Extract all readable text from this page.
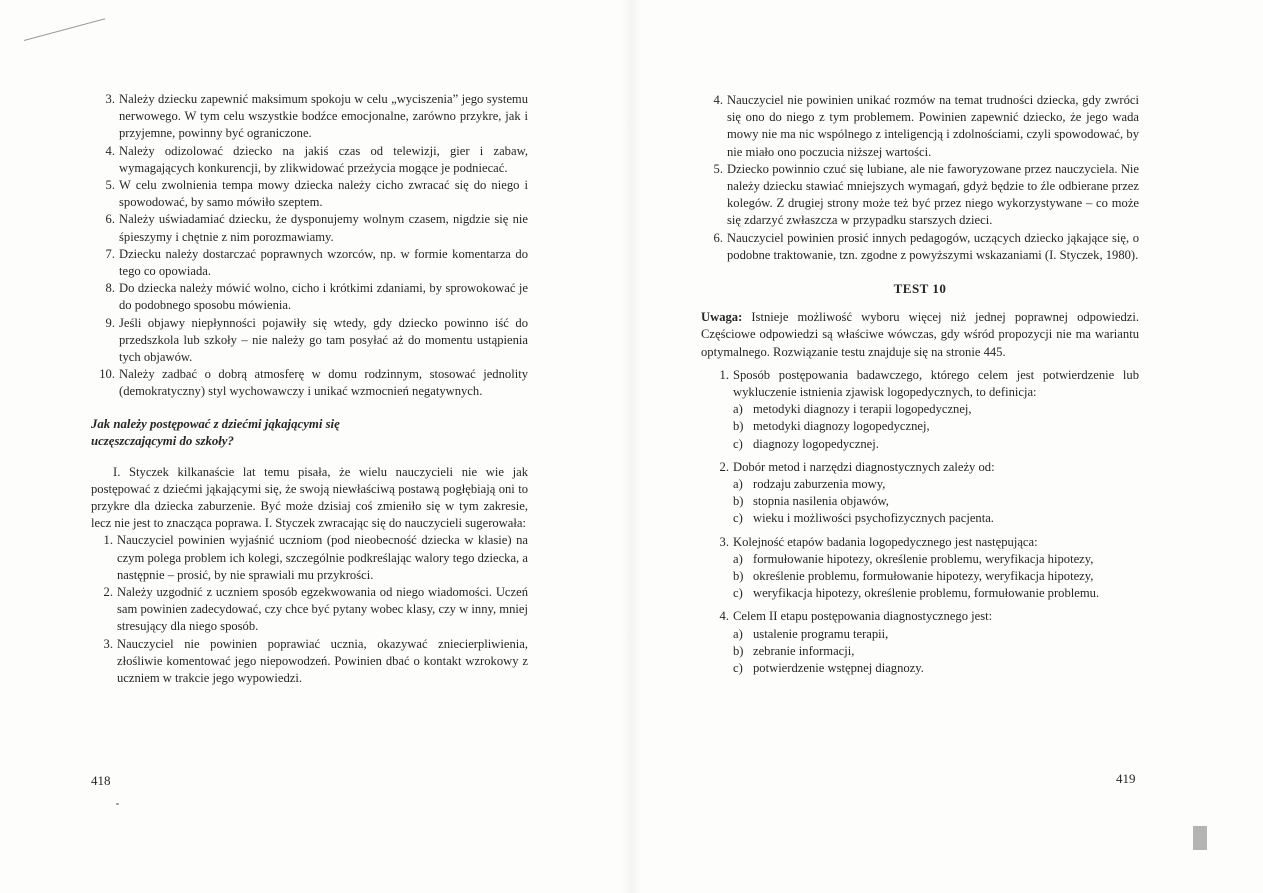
3. Należy dziecku zapewnić maksimum spokoju w celu „wyciszenia” jego systemu nerwowego. W tym celu wszystkie bodźce emocjonalne, zarówno przykre, jak i przyjemne, powinny być ograniczone.
4. Należy odizolować dziecko na jakiś czas od telewizji, gier i zabaw, wymagających konkurencji, by zlikwidować przeżycia mogące je podniecać.
5. W celu zwolnienia tempa mowy dziecka należy cicho zwracać się do niego i spowodować, by samo mówiło szeptem.
6. Należy uświadamiać dziecku, że dysponujemy wolnym czasem, nigdzie się nie śpieszymy i chętnie z nim porozmawiamy.
7. Dziecku należy dostarczać poprawnych wzorców, np. w formie komentarza do tego co opowiada.
8. Do dziecka należy mówić wolno, cicho i krótkimi zdaniami, by sprowokować je do podobnego sposobu mówienia.
9. Jeśli objawy niepłynności pojawiły się wtedy, gdy dziecko powinno iść do przedszkola lub szkoły – nie należy go tam posyłać aż do momentu ustąpienia tych objawów.
10. Należy zadbać o dobrą atmosferę w domu rodzinnym, stosować jednolity (demokratyczny) styl wychowawczy i unikać wzmocnień negatywnych.
Jak należy postępować z dziećmi jąkającymi się
uczęszczającymi do szkoły?

I. Styczek kilkanaście lat temu pisała, że wielu nauczycieli nie wie jak postępować z dziećmi jąkającymi się, że swoją niewłaściwą postawą pogłębiają oni to przykre dla dziecka zaburzenie. Być może dzisiaj coś zmieniło się w tym zakresie, lecz nie jest to znacząca poprawa. I. Styczek zwracając się do nauczycieli sugerowała:

1. Nauczyciel powinien wyjaśnić uczniom (pod nieobecność dziecka w klasie) na czym polega problem ich kolegi, szczególnie podkreślając walory tego dziecka, a następnie – prosić, by nie sprawiali mu przykrości.
2. Należy uzgodnić z uczniem sposób egzekwowania od niego wiadomości. Uczeń sam powinien zadecydować, czy chce być pytany wobec klasy, czy w inny, mniej stresujący dla niego sposób.
3. Nauczyciel nie powinien poprawiać ucznia, okazywać zniecierpliwienia, złośliwie komentować jego niepowodzeń. Powinien dbać o kontakt wzrokowy z uczniem w trakcie jego wypowiedzi.
418
4. Nauczyciel nie powinien unikać rozmów na temat trudności dziecka, gdy zwróci się ono do niego z tym problemem. Powinien zapewnić dziecko, że jego wada mowy nie ma nic wspólnego z inteligencją i zdolnościami, czyli spowodować, by nie miało ono poczucia niższej wartości.
5. Dziecko powinnio czuć się lubiane, ale nie faworyzowane przez nauczyciela. Nie należy dziecku stawiać mniejszych wymagań, gdyż będzie to źle odbierane przez kolegów. Z drugiej strony może też być przez niego wykorzystywane – co może się zdarzyć zwłaszcza w przypadku starszych dzieci.
6. Nauczyciel powinien prosić innych pedagogów, uczących dziecko jąkające się, o podobne traktowanie, tzn. zgodne z powyższymi wskazaniami (I. Styczek, 1980).
TEST 10

Uwaga: Istnieje możliwość wyboru więcej niż jednej poprawnej odpowiedzi. Częściowe odpowiedzi są właściwe wówczas, gdy wśród propozycji nie ma wariantu optymalnego. Rozwiązanie testu znajduje się na stronie 445.

1. Sposób postępowania badawczego, którego celem jest potwierdzenie lub wykluczenie istnienia zjawisk logopedycznych, to definicja:
a) metodyki diagnozy i terapii logopedycznej,
b) metodyki diagnozy logopedycznej,
c) diagnozy logopedycznej.
2. Dobór metod i narzędzi diagnostycznych zależy od:
a) rodzaju zaburzenia mowy,
b) stopnia nasilenia objawów,
c) wieku i możliwości psychofizycznych pacjenta.
3. Kolejność etapów badania logopedycznego jest następująca:
a) formułowanie hipotezy, określenie problemu, weryfikacja hipotezy,
b) określenie problemu, formułowanie hipotezy, weryfikacja hipotezy,
c) weryfikacja hipotezy, określenie problemu, formułowanie problemu.
4. Celem II etapu postępowania diagnostycznego jest:
a) ustalenie programu terapii,
b) zebranie informacji,
c) potwierdzenie wstępnej diagnozy.
419
